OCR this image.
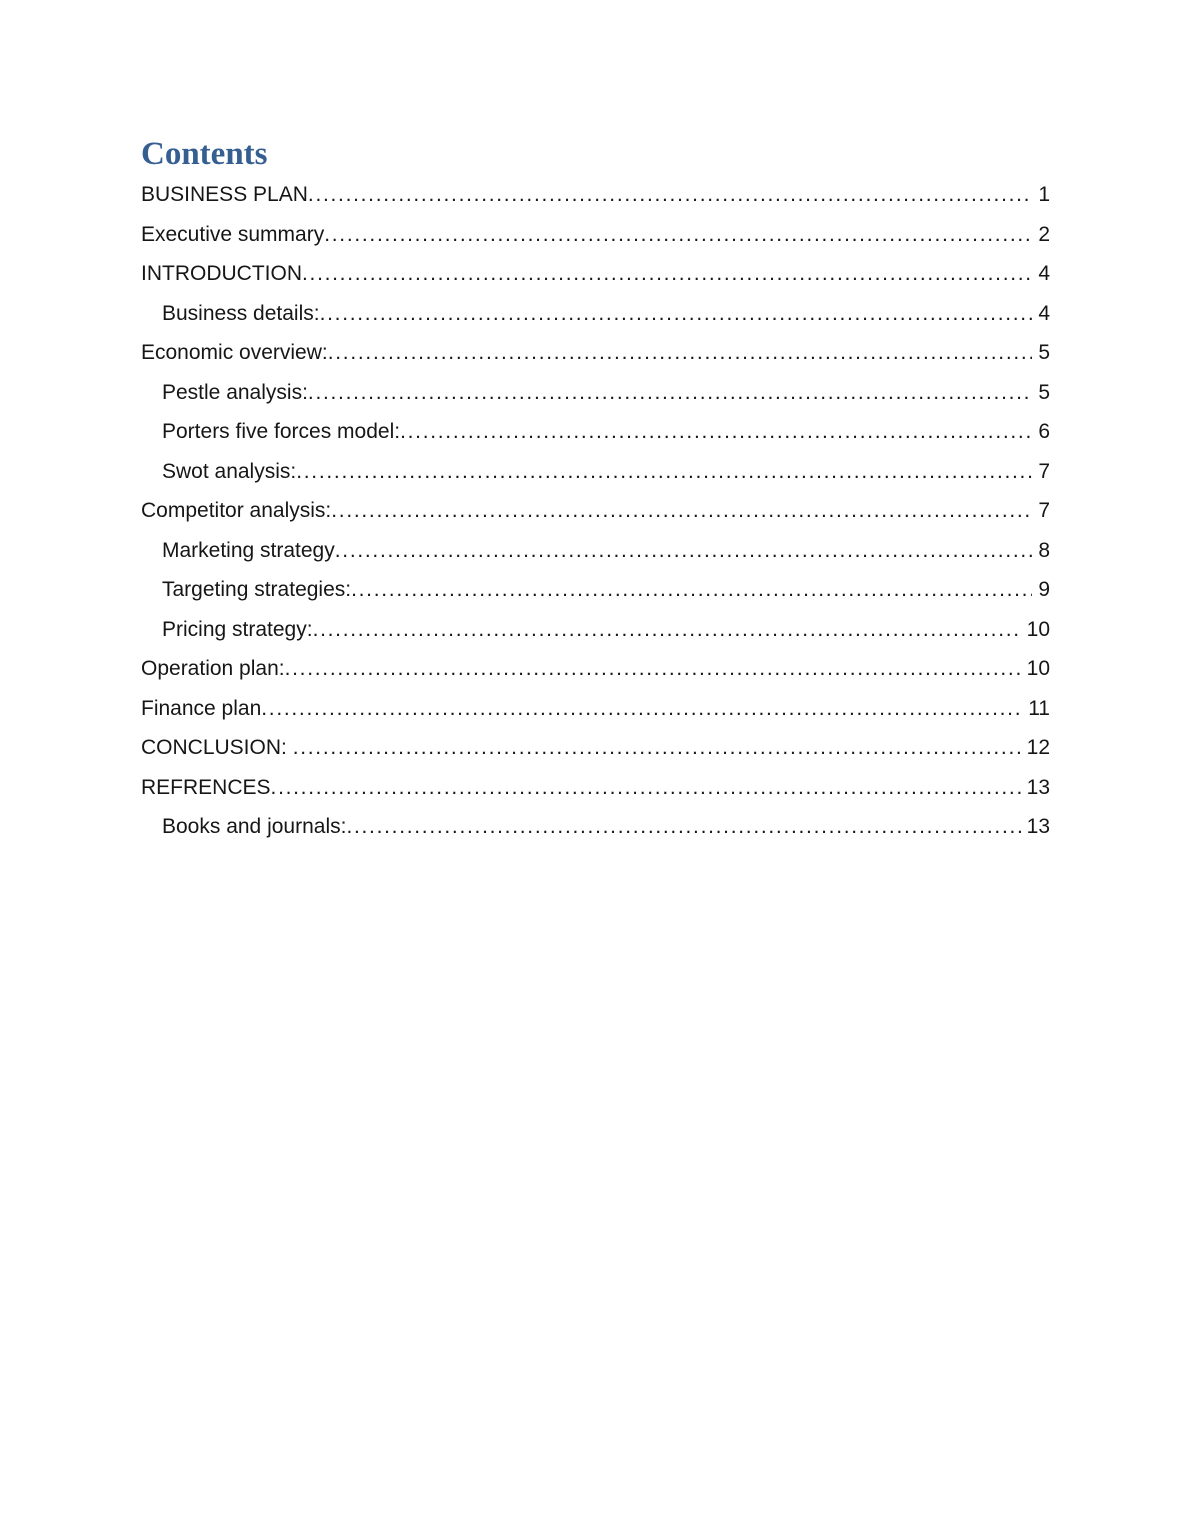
Contents
BUSINESS PLAN .....	1
Executive summary .....	2
INTRODUCTION .....	4
Business details: .....	4
Economic overview: .....	5
Pestle analysis: .....	5
Porters five forces model: .....	6
Swot analysis: .....	7
Competitor analysis: .....	7
Marketing strategy .....	8
Targeting strategies: .....	9
Pricing strategy: .....	10
Operation plan: .....	10
Finance plan .....	11
CONCLUSION: .....	12
REFRENCES .....	13
Books and journals: .....	13
